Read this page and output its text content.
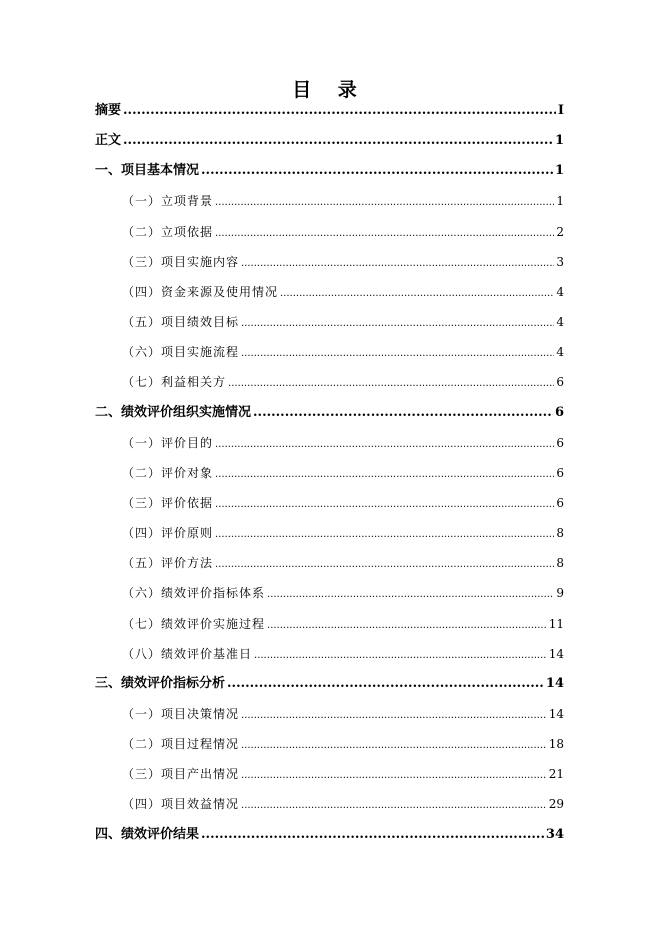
目 录
摘要 .....	I
正文 .....	1
一、项目基本情况 .....	1
（一）立项背景 .....	1
（二）立项依据 .....	2
（三）项目实施内容 .....	3
（四）资金来源及使用情况 .....	4
（五）项目绩效目标 .....	4
（六）项目实施流程 .....	4
（七）利益相关方 .....	6
二、绩效评价组织实施情况 .....	6
（一）评价目的 .....	6
（二）评价对象 .....	6
（三）评价依据 .....	6
（四）评价原则 .....	8
（五）评价方法 .....	8
（六）绩效评价指标体系 .....	9
（七）绩效评价实施过程 .....	11
（八）绩效评价基准日 .....	14
三、绩效评价指标分析 .....	14
（一）项目决策情况 .....	14
（二）项目过程情况 .....	18
（三）项目产出情况 .....	21
（四）项目效益情况 .....	29
四、绩效评价结果 .....	34
